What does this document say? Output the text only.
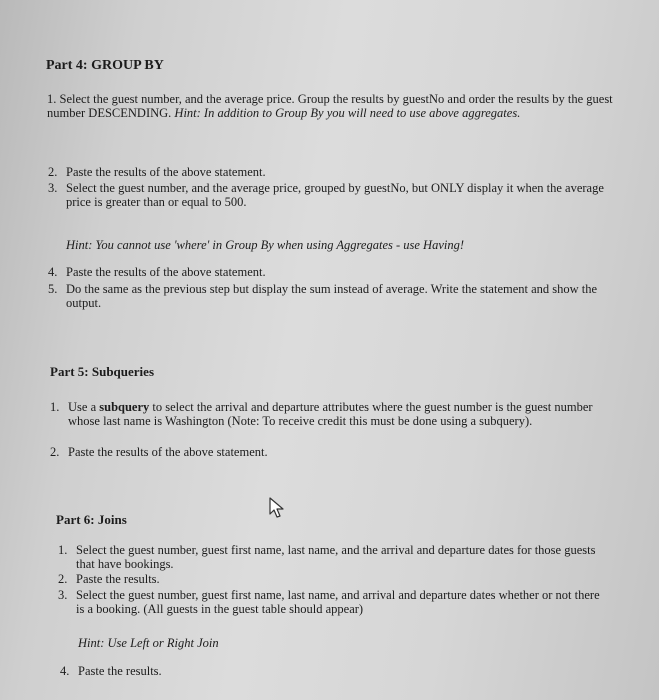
Part 4: GROUP BY
1. Select the guest number, and the average price. Group the results by guestNo and order the results by the guest number DESCENDING. Hint: In addition to Group By you will need to use above aggregates.
2. Paste the results of the above statement.
3. Select the guest number, and the average price, grouped by guestNo, but ONLY display it when the average price is greater than or equal to 500.
Hint: You cannot use 'where' in Group By when using Aggregates - use Having!
4. Paste the results of the above statement.
5. Do the same as the previous step but display the sum instead of average. Write the statement and show the output.
Part 5: Subqueries
1. Use a subquery to select the arrival and departure attributes where the guest number is the guest number whose last name is Washington (Note: To receive credit this must be done using a subquery).
2. Paste the results of the above statement.
Part 6: Joins
1. Select the guest number, guest first name, last name, and the arrival and departure dates for those guests that have bookings.
2. Paste the results.
3. Select the guest number, guest first name, last name, and arrival and departure dates whether or not there is a booking. (All guests in the guest table should appear)
Hint: Use Left or Right Join
4. Paste the results.
